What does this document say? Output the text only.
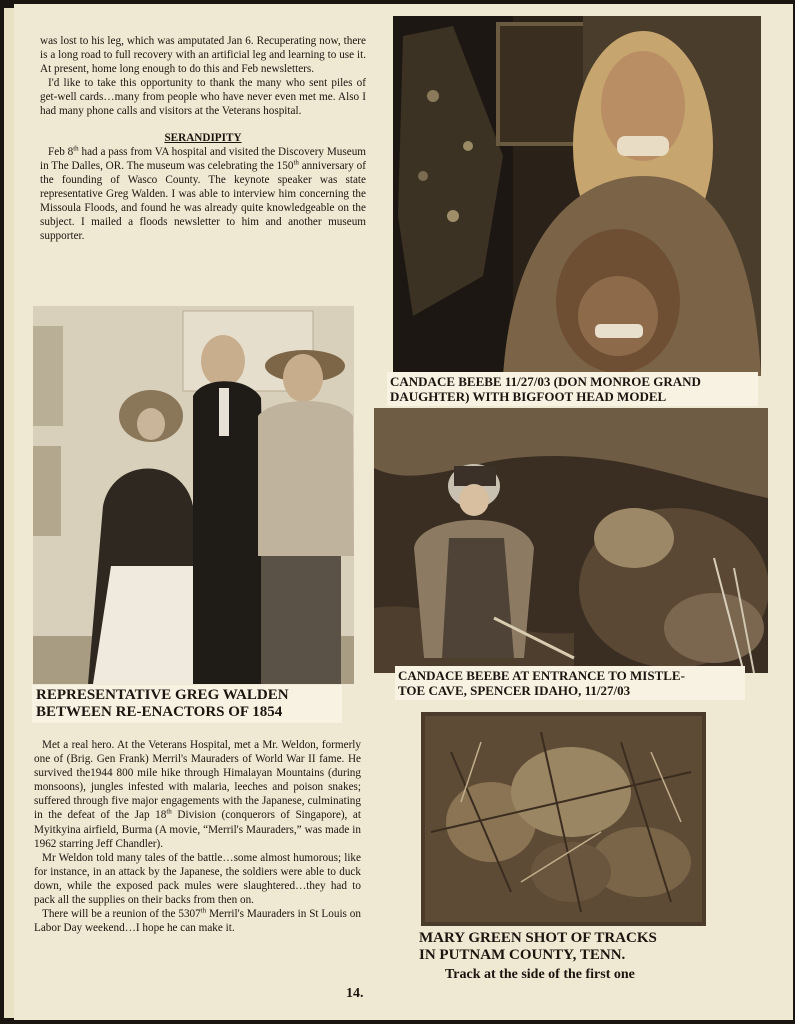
was lost to his leg, which was amputated Jan 6. Recuperating now, there is a long road to full recovery with an artificial leg and learning to use it. At present, home long enough to do this and Feb newsletters.

I'd like to take this opportunity to thank the many who sent piles of get-well cards…many from people who have never even met me. Also I had many phone calls and visitors at the Veterans hospital.

SERANDIPITY

Feb 8th had a pass from VA hospital and visited the Discovery Museum in The Dalles, OR. The museum was celebrating the 150th anniversary of the founding of Wasco County. The keynote speaker was state representative Greg Walden. I was able to interview him concerning the Missoula Floods, and found he was already quite knowledgeable on the subject. I mailed a floods newsletter to him and another museum supporter.

CANDACE BEEBE 11/27/03 (DON MONROE GRAND
DAUGHTER) WITH BIGFOOT HEAD MODEL
REPRESENTATIVE GREG WALDEN
BETWEEN RE-ENACTORS OF 1854
CANDACE BEEBE AT ENTRANCE TO MISTLE-
TOE CAVE, SPENCER IDAHO, 11/27/03

Met a real hero. At the Veterans Hospital, met a Mr. Weldon, formerly one of (Brig. Gen Frank) Merril's Mauraders of World War II fame. He survived the1944 800 mile hike through Himalayan Mountains (during monsoons), jungles infested with malaria, leeches and poison snakes; suffered through five major engagements with the Japanese, culminating in the defeat of the Jap 18th Division (conquerors of Singapore), at Myitkyina airfield, Burma (A movie, “Merril's Mauraders,” was made in 1962 starring Jeff Chandler).

Mr Weldon told many tales of the battle…some almost humorous; like for instance, in an attack by the Japanese, the soldiers were able to duck down, while the exposed pack mules were slaughtered…they had to pack all the supplies on their backs from then on.

There will be a reunion of the 5307th Merril's Mauraders in St Louis on Labor Day weekend…I hope he can make it.

MARY GREEN SHOT OF TRACKS
IN PUTNAM COUNTY, TENN.
Track at the side of the first one
14.
